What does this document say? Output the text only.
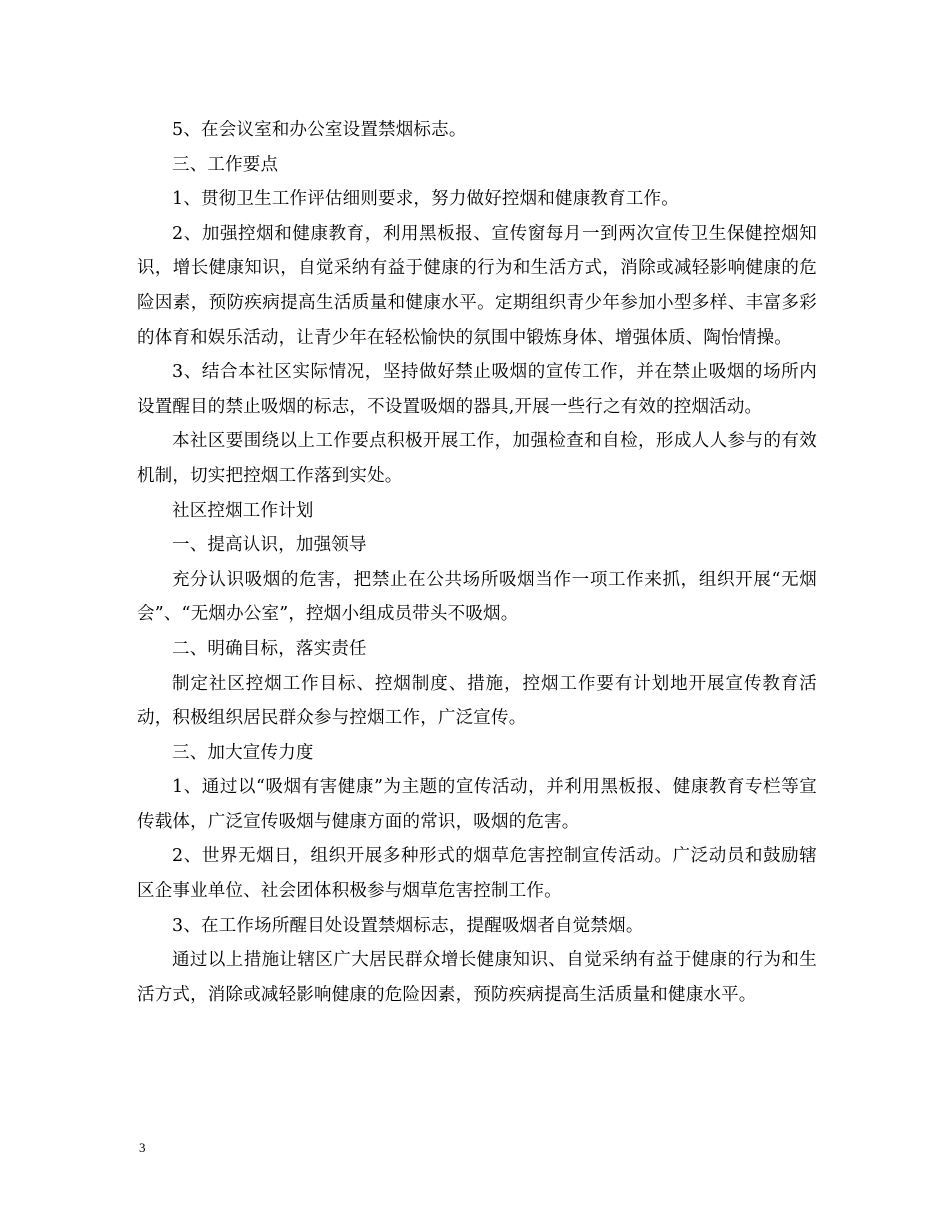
5、在会议室和办公室设置禁烟标志。

三、工作要点

1、贯彻卫生工作评估细则要求，努力做好控烟和健康教育工作。

2、加强控烟和健康教育，利用黑板报、宣传窗每月一到两次宣传卫生保健控烟知识，增长健康知识，自觉采纳有益于健康的行为和生活方式，消除或减轻影响健康的危险因素，预防疾病提高生活质量和健康水平。定期组织青少年参加小型多样、丰富多彩的体育和娱乐活动，让青少年在轻松愉快的氛围中锻炼身体、增强体质、陶怡情操。

3、结合本社区实际情况，坚持做好禁止吸烟的宣传工作，并在禁止吸烟的场所内设置醒目的禁止吸烟的标志，不设置吸烟的器具,开展一些行之有效的控烟活动。

本社区要围绕以上工作要点积极开展工作，加强检查和自检，形成人人参与的有效机制，切实把控烟工作落到实处。

社区控烟工作计划

一、提高认识，加强领导

充分认识吸烟的危害，把禁止在公共场所吸烟当作一项工作来抓，组织开展“无烟会”、“无烟办公室”，控烟小组成员带头不吸烟。

二、明确目标，落实责任

制定社区控烟工作目标、控烟制度、措施，控烟工作要有计划地开展宣传教育活动，积极组织居民群众参与控烟工作，广泛宣传。

三、加大宣传力度

1、通过以“吸烟有害健康”为主题的宣传活动，并利用黑板报、健康教育专栏等宣传载体，广泛宣传吸烟与健康方面的常识，吸烟的危害。

2、世界无烟日，组织开展多种形式的烟草危害控制宣传活动。广泛动员和鼓励辖区企事业单位、社会团体积极参与烟草危害控制工作。

3、在工作场所醒目处设置禁烟标志，提醒吸烟者自觉禁烟。

通过以上措施让辖区广大居民群众增长健康知识、自觉采纳有益于健康的行为和生活方式，消除或减轻影响健康的危险因素，预防疾病提高生活质量和健康水平。

3
